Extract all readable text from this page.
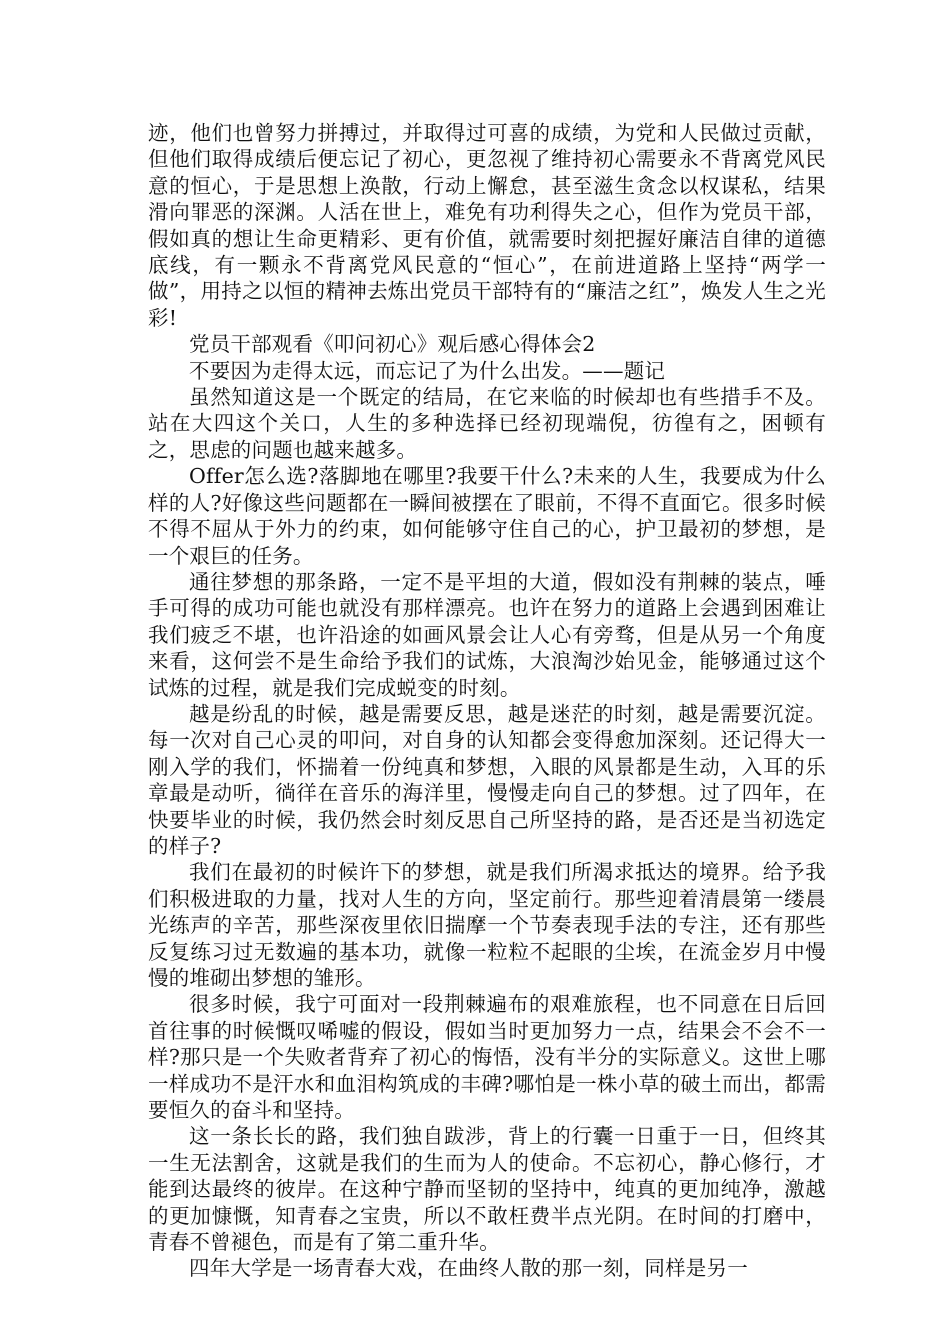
迹，他们也曾努力拼搏过，并取得过可喜的成绩，为党和人民做过贡献，但他们取得成绩后便忘记了初心，更忽视了维持初心需要永不背离党风民意的恒心，于是思想上涣散，行动上懈怠，甚至滋生贪念以权谋私，结果滑向罪恶的深渊。人活在世上，难免有功利得失之心，但作为党员干部，假如真的想让生命更精彩、更有价值，就需要时刻把握好廉洁自律的道德底线，有一颗永不背离党风民意的“恒心”，在前进道路上坚持“两学一做”，用持之以恒的精神去炼出党员干部特有的“廉洁之红”，焕发人生之光彩!

党员干部观看《叩问初心》观后感心得体会2

不要因为走得太远，而忘记了为什么出发。——题记

虽然知道这是一个既定的结局，在它来临的时候却也有些措手不及。站在大四这个关口，人生的多种选择已经初现端倪，彷徨有之，困顿有之，思虑的问题也越来越多。

Offer怎么选?落脚地在哪里?我要干什么?未来的人生，我要成为什么样的人?好像这些问题都在一瞬间被摆在了眼前，不得不直面它。很多时候不得不屈从于外力的约束，如何能够守住自己的心，护卫最初的梦想，是一个艰巨的任务。

通往梦想的那条路，一定不是平坦的大道，假如没有荆棘的装点，唾手可得的成功可能也就没有那样漂亮。也许在努力的道路上会遇到困难让我们疲乏不堪，也许沿途的如画风景会让人心有旁骛，但是从另一个角度来看，这何尝不是生命给予我们的试炼，大浪淘沙始见金，能够通过这个试炼的过程，就是我们完成蜕变的时刻。

越是纷乱的时候，越是需要反思，越是迷茫的时刻，越是需要沉淀。每一次对自己心灵的叩问，对自身的认知都会变得愈加深刻。还记得大一刚入学的我们，怀揣着一份纯真和梦想，入眼的风景都是生动，入耳的乐章最是动听，徜徉在音乐的海洋里，慢慢走向自己的梦想。过了四年，在快要毕业的时候，我仍然会时刻反思自己所坚持的路，是否还是当初选定的样子?

我们在最初的时候许下的梦想，就是我们所渴求抵达的境界。给予我们积极进取的力量，找对人生的方向，坚定前行。那些迎着清晨第一缕晨光练声的辛苦，那些深夜里依旧揣摩一个节奏表现手法的专注，还有那些反复练习过无数遍的基本功，就像一粒粒不起眼的尘埃，在流金岁月中慢慢的堆砌出梦想的雏形。

很多时候，我宁可面对一段荆棘遍布的艰难旅程，也不同意在日后回首往事的时候慨叹唏嘘的假设，假如当时更加努力一点，结果会不会不一样?那只是一个失败者背弃了初心的悔悟，没有半分的实际意义。这世上哪一样成功不是汗水和血泪构筑成的丰碑?哪怕是一株小草的破土而出，都需要恒久的奋斗和坚持。

这一条长长的路，我们独自跋涉，背上的行囊一日重于一日，但终其一生无法割舍，这就是我们的生而为人的使命。不忘初心，静心修行，才能到达最终的彼岸。在这种宁静而坚韧的坚持中，纯真的更加纯净，激越的更加慷慨，知青春之宝贵，所以不敢枉费半点光阴。在时间的打磨中，青春不曾褪色，而是有了第二重升华。

四年大学是一场青春大戏，在曲终人散的那一刻，同样是另一
